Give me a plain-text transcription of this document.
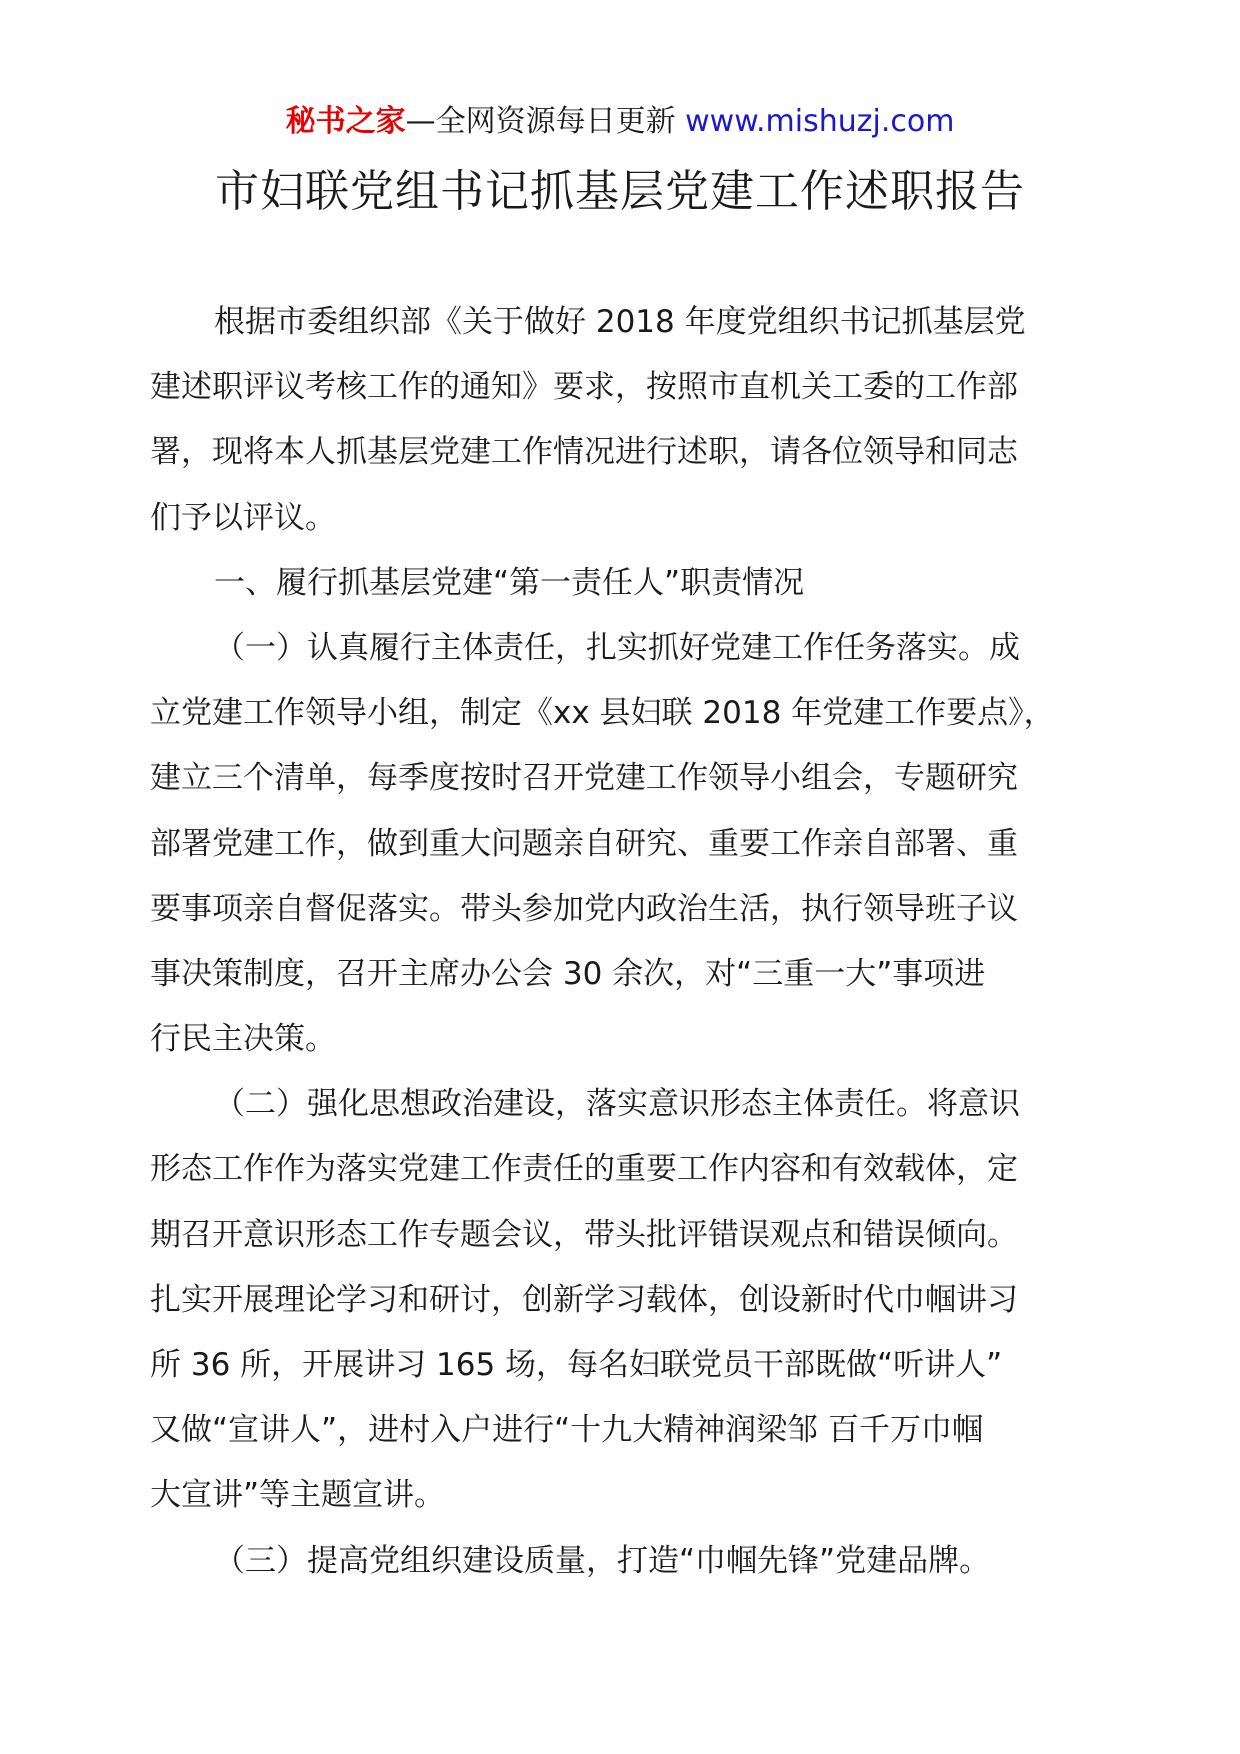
秘书之家—全网资源每日更新 www.mishuzj.com
市妇联党组书记抓基层党建工作述职报告
根据市委组织部《关于做好 2018 年度党组织书记抓基层党
建述职评议考核工作的通知》要求，按照市直机关工委的工作部
署，现将本人抓基层党建工作情况进行述职，请各位领导和同志
们予以评议。
一、履行抓基层党建“第一责任人”职责情况
（一）认真履行主体责任，扎实抓好党建工作任务落实。成
立党建工作领导小组，制定《xx 县妇联 2018 年党建工作要点》，
建立三个清单，每季度按时召开党建工作领导小组会，专题研究
部署党建工作，做到重大问题亲自研究、重要工作亲自部署、重
要事项亲自督促落实。带头参加党内政治生活，执行领导班子议
事决策制度，召开主席办公会 30 余次，对“三重一大”事项进
行民主决策。
（二）强化思想政治建设，落实意识形态主体责任。将意识
形态工作作为落实党建工作责任的重要工作内容和有效载体，定
期召开意识形态工作专题会议，带头批评错误观点和错误倾向。
扎实开展理论学习和研讨，创新学习载体，创设新时代巾帼讲习
所 36 所，开展讲习 165 场，每名妇联党员干部既做“听讲人”
又做“宣讲人”，进村入户进行“十九大精神润梁邹 百千万巾帼
大宣讲”等主题宣讲。
（三）提高党组织建设质量，打造“巾帼先锋”党建品牌。
